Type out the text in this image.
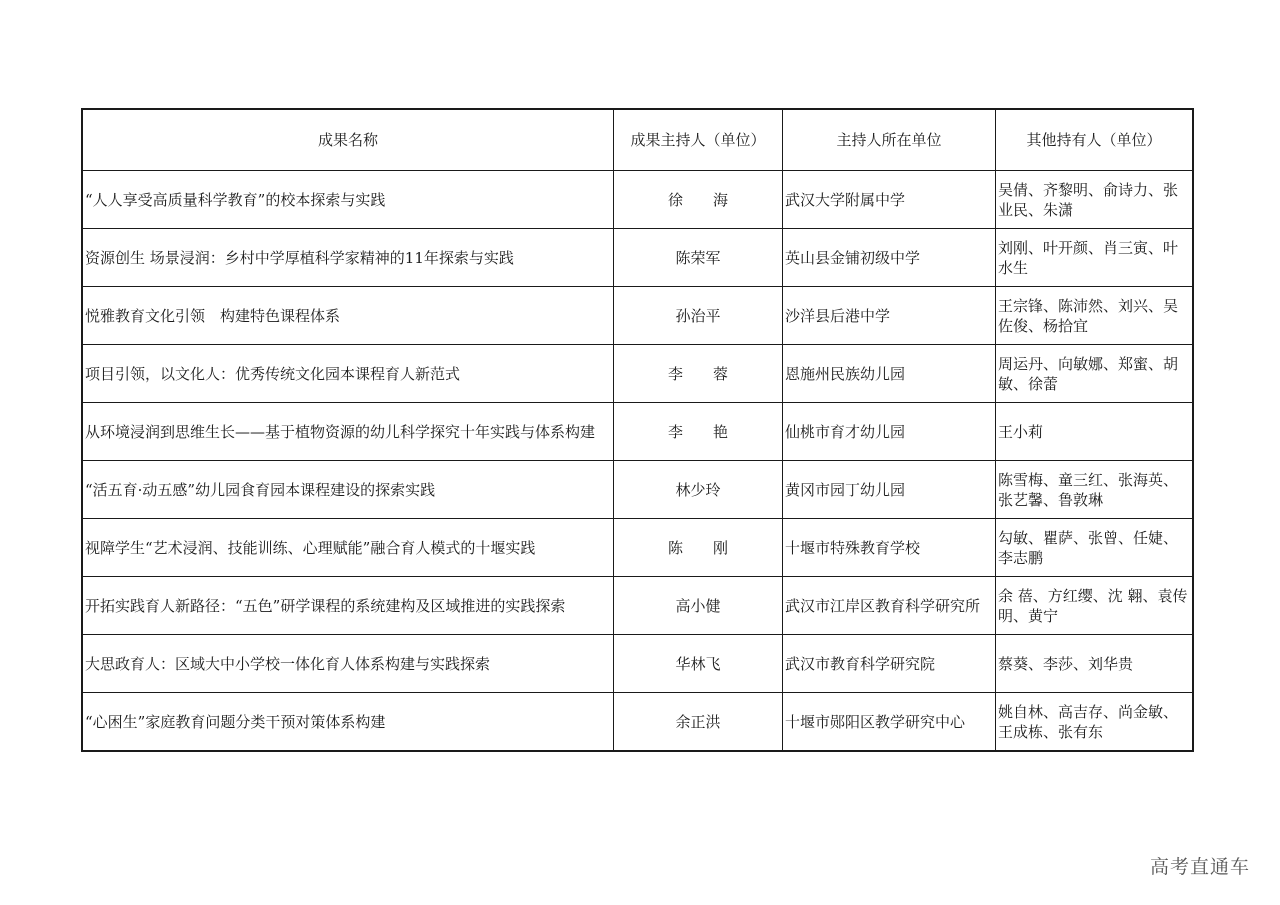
成果名称	成果主持人（单位）	主持人所在单位	其他持有人（单位）
“人人享受高质量科学教育”的校本探索与实践	徐　　海	武汉大学附属中学	吴倩、齐黎明、俞诗力、张业民、朱潇
资源创生 场景浸润：乡村中学厚植科学家精神的11年探索与实践	陈荣军	英山县金铺初级中学	刘刚、叶开颜、肖三寅、叶水生
悦雅教育文化引领　构建特色课程体系	孙治平	沙洋县后港中学	王宗锋、陈沛然、刘兴、吴佐俊、杨拾宜
项目引领，以文化人：优秀传统文化园本课程育人新范式	李　　蓉	恩施州民族幼儿园	周运丹、向敏娜、郑蜜、胡敏、徐蕾
从环境浸润到思维生长——基于植物资源的幼儿科学探究十年实践与体系构建	李　　艳	仙桃市育才幼儿园	王小莉
“活五育·动五感”幼儿园食育园本课程建设的探索实践	林少玲	黄冈市园丁幼儿园	陈雪梅、童三红、张海英、张艺馨、鲁敦琳
视障学生“艺术浸润、技能训练、心理赋能”融合育人模式的十堰实践	陈　　刚	十堰市特殊教育学校	勾敏、瞿萨、张曾、任婕、李志鹏
开拓实践育人新路径：“五色”研学课程的系统建构及区域推进的实践探索	高小健	武汉市江岸区教育科学研究所	余 蓓、方红缨、沈 翱、袁传明、黄宁
大思政育人：区域大中小学校一体化育人体系构建与实践探索	华林飞	武汉市教育科学研究院	蔡葵、李莎、刘华贵
“心困生”家庭教育问题分类干预对策体系构建	余正洪	十堰市郧阳区教学研究中心	姚自林、高吉存、尚金敏、王成栋、张有东
高考直通车
